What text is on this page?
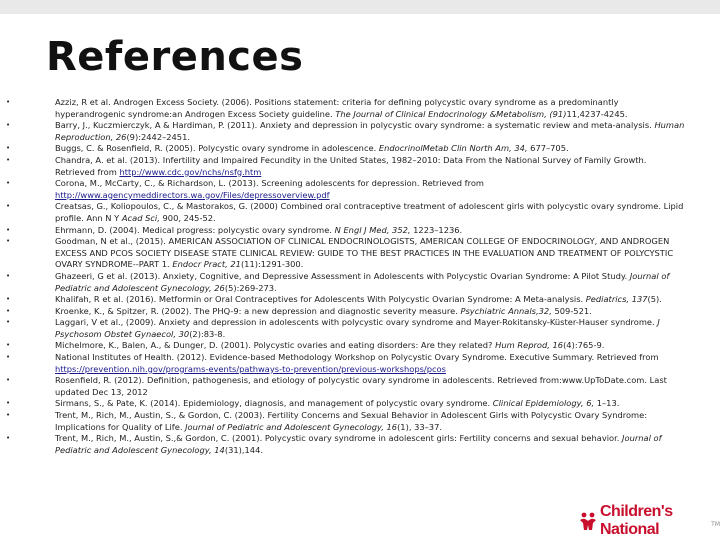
References
•	Azziz, R et al. Androgen Excess Society. (2006). Positions statement: criteria for defining polycystic ovary syndrome as a predominantly hyperandrogenic syndrome:an Androgen Excess Society guideline. The Journal of Clinical Endocrinology &Metabolism, (91)11,4237-4245.
•	Barry, J., Kuczmierczyk, A & Hardiman, P. (2011). Anxiety and depression in polycystic ovary syndrome: a systematic review and meta-analysis. Human Reproduction, 26(9):2442–2451.
•	Buggs, C. & Rosenfield, R. (2005). Polycystic ovary syndrome in adolescence. EndocrinolMetab Clin North Am, 34, 677–705.
•	Chandra, A. et al. (2013). Infertility and Impaired Fecundity in the United States, 1982–2010: Data From the National Survey of Family Growth. Retrieved from http://www.cdc.gov/nchs/nsfg.htm
•	Corona, M., McCarty, C., & Richardson, L. (2013). Screening adolescents for depression. Retrieved from http://www.agencymeddirectors.wa.gov/Files/depressoverview.pdf
•	Creatsas, G., Koliopoulos, C., & Mastorakos, G. (2000) Combined oral contraceptive treatment of adolescent girls with polycystic ovary syndrome. Lipid profile. Ann N Y Acad Sci, 900, 245-52.
•	Ehrmann, D. (2004). Medical progress: polycystic ovary syndrome. N Engl J Med, 352, 1223–1236.
•	Goodman, N et al., (2015). AMERICAN ASSOCIATION OF CLINICAL ENDOCRINOLOGISTS, AMERICAN COLLEGE OF ENDOCRINOLOGY, AND ANDROGEN EXCESS AND PCOS SOCIETY DISEASE STATE CLINICAL REVIEW: GUIDE TO THE BEST PRACTICES IN THE EVALUATION AND TREATMENT OF POLYCYSTIC OVARY SYNDROME--PART 1. Endocr Pract, 21(11):1291-300.
•	Ghazeeri, G et al. (2013). Anxiety, Cognitive, and Depressive Assessment in Adolescents with Polycystic Ovarian Syndrome: A Pilot Study. Journal of Pediatric and Adolescent Gynecology, 26(5):269-273.
•	Khalifah, R et al. (2016). Metformin or Oral Contraceptives for Adolescents With Polycystic Ovarian Syndrome: A Meta-analysis. Pediatrics, 137(5).
•	Kroenke, K., & Spitzer, R. (2002). The PHQ-9: a new depression and diagnostic severity measure. Psychiatric Annals,32, 509-521.
•	Laggari, V et al., (2009). Anxiety and depression in adolescents with polycystic ovary syndrome and Mayer-Rokitansky-Küster-Hauser syndrome. J Psychosom Obstet Gynaecol, 30(2):83-8.
•	Michelmore, K., Balen, A., & Dunger, D. (2001). Polycystic ovaries and eating disorders: Are they related? Hum Reprod, 16(4):765-9.
•	National Institutes of Health. (2012). Evidence-based Methodology Workshop on Polycystic Ovary Syndrome. Executive Summary. Retrieved from https://prevention.nih.gov/programs-events/pathways-to-prevention/previous-workshops/pcos
•	Rosenfield, R. (2012). Definition, pathogenesis, and etiology of polycystic ovary syndrome in adolescents. Retrieved from:www.UpToDate.com. Last updated Dec 13, 2012
•	Sirmans, S., & Pate, K. (2014). Epidemiology, diagnosis, and management of polycystic ovary syndrome. Clinical Epidemiology, 6, 1–13.
•	Trent, M., Rich, M., Austin, S., & Gordon, C. (2003). Fertility Concerns and Sexual Behavior in Adolescent Girls with Polycystic Ovary Syndrome: Implications for Quality of Life. Journal of Pediatric and Adolescent Gynecology, 16(1), 33–37.
•	Trent, M., Rich, M., Austin, S.,& Gordon, C. (2001). Polycystic ovary syndrome in adolescent girls: Fertility concerns and sexual behavior. Journal of Pediatric and Adolescent Gynecology, 14(31),144.
Children's National	TM
